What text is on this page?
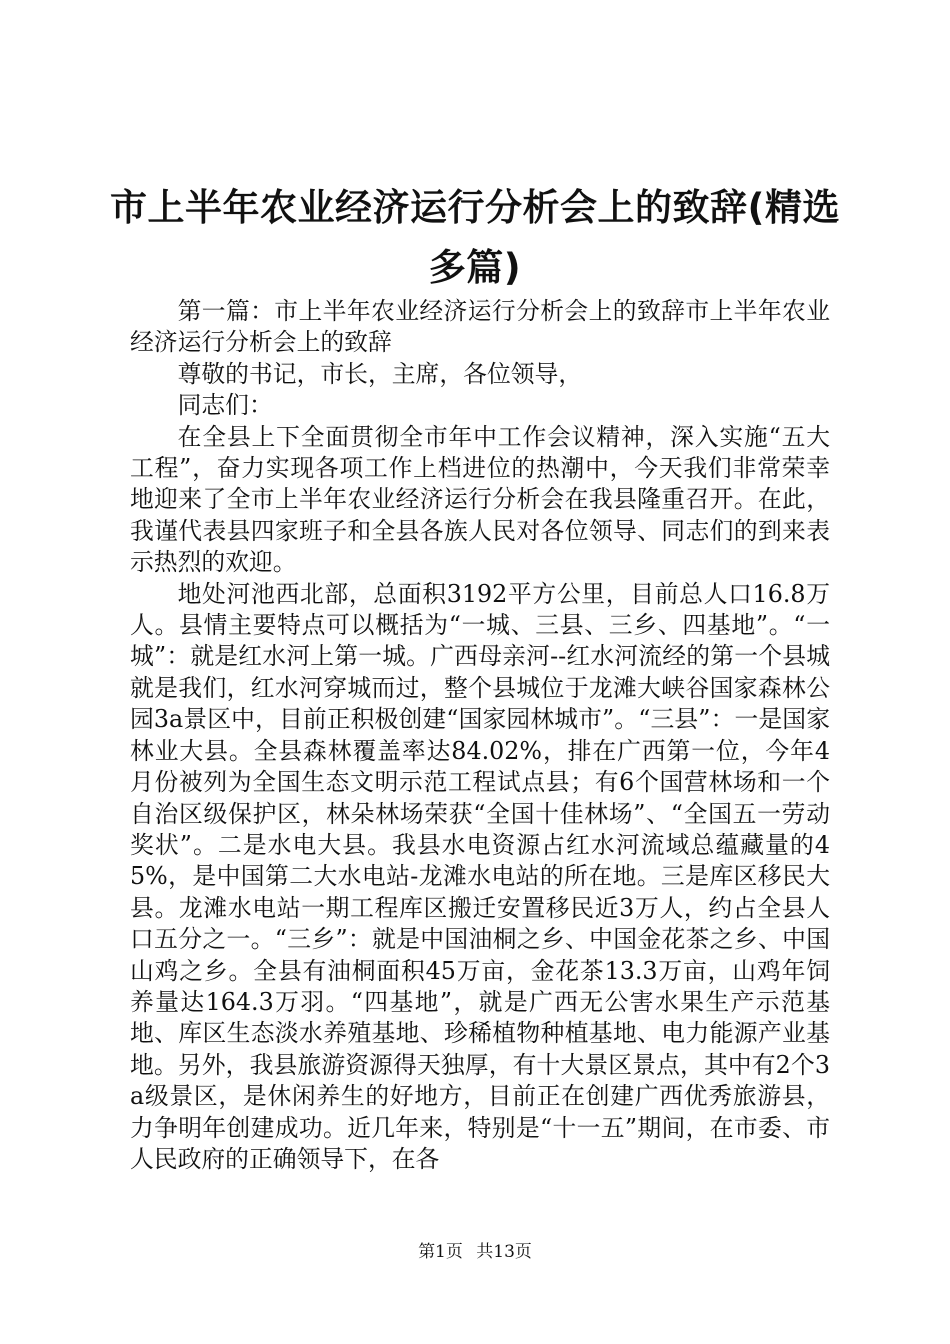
市上半年农业经济运行分析会上的致辞(精选多篇)

第一篇：市上半年农业经济运行分析会上的致辞市上半年农业经济运行分析会上的致辞

尊敬的书记，市长，主席，各位领导，

同志们：

在全县上下全面贯彻全市年中工作会议精神，深入实施“五大工程”，奋力实现各项工作上档进位的热潮中，今天我们非常荣幸地迎来了全市上半年农业经济运行分析会在我县隆重召开。在此，我谨代表县四家班子和全县各族人民对各位领导、同志们的到来表示热烈的欢迎。

地处河池西北部，总面积3192平方公里，目前总人口16.8万人。县情主要特点可以概括为“一城、三县、三乡、四基地”。“一城”：就是红水河上第一城。广西母亲河--红水河流经的第一个县城就是我们，红水河穿城而过，整个县城位于龙滩大峡谷国家森林公园3a景区中，目前正积极创建“国家园林城市”。“三县”：一是国家林业大县。全县森林覆盖率达84.02%，排在广西第一位，今年4月份被列为全国生态文明示范工程试点县；有6个国营林场和一个自治区级保护区，林朵林场荣获“全国十佳林场”、“全国五一劳动奖状”。二是水电大县。我县水电资源占红水河流域总蕴藏量的45%，是中国第二大水电站-龙滩水电站的所在地。三是库区移民大县。龙滩水电站一期工程库区搬迁安置移民近3万人，约占全县人口五分之一。“三乡”：就是中国油桐之乡、中国金花茶之乡、中国山鸡之乡。全县有油桐面积45万亩，金花茶13.3万亩，山鸡年饲养量达164.3万羽。“四基地”，就是广西无公害水果生产示范基地、库区生态淡水养殖基地、珍稀植物种植基地、电力能源产业基地。另外，我县旅游资源得天独厚，有十大景区景点，其中有2个3a级景区，是休闲养生的好地方，目前正在创建广西优秀旅游县，力争明年创建成功。近几年来，特别是“十一五”期间，在市委、市人民政府的正确领导下，在各

第1页 共13页
